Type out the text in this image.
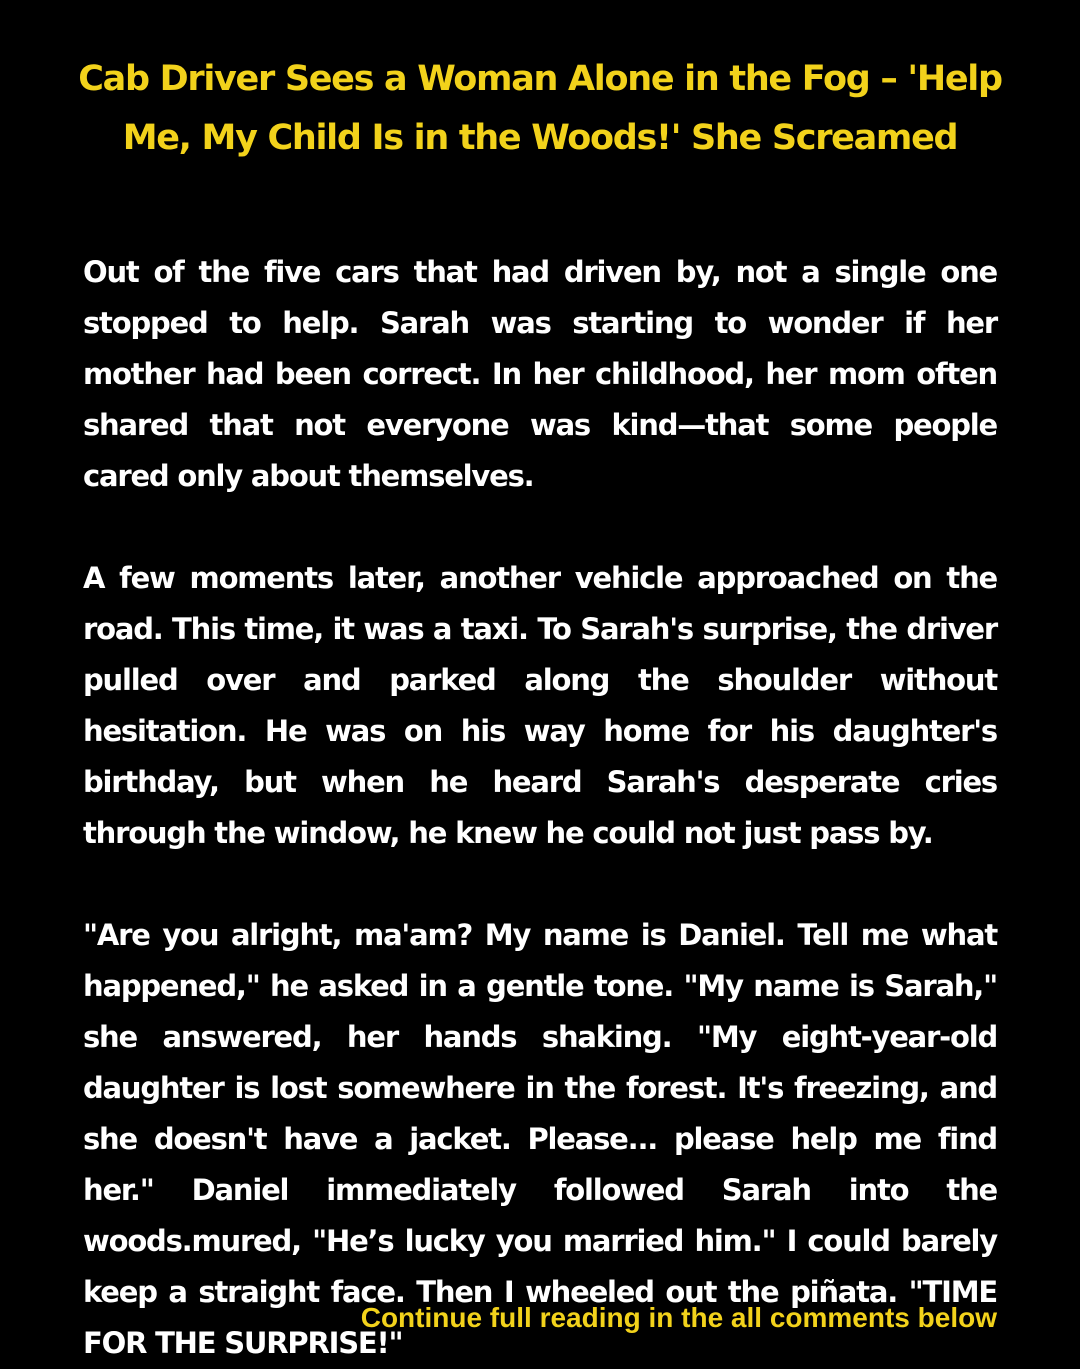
Cab Driver Sees a Woman Alone in the Fog – 'Help Me, My Child Is in the Woods!' She Screamed

Out of the five cars that had driven by, not a single one stopped to help. Sarah was starting to wonder if her mother had been correct. In her childhood, her mom often shared that not everyone was kind—that some people cared only about themselves.

A few moments later, another vehicle approached on the road. This time, it was a taxi. To Sarah's surprise, the driver pulled over and parked along the shoulder without hesitation. He was on his way home for his daughter's birthday, but when he heard Sarah's desperate cries through the window, he knew he could not just pass by.

"Are you alright, ma'am? My name is Daniel. Tell me what happened," he asked in a gentle tone. "My name is Sarah," she answered, her hands shaking. "My eight-year-old daughter is lost somewhere in the forest. It's freezing, and she doesn't have a jacket. Please... please help me find her." Daniel immediately followed Sarah into the woods.mured, "He’s lucky you married him." I could barely keep a straight face. Then I wheeled out the piñata. "TIME FOR THE SURPRISE!"

Continue full reading in the all comments below
